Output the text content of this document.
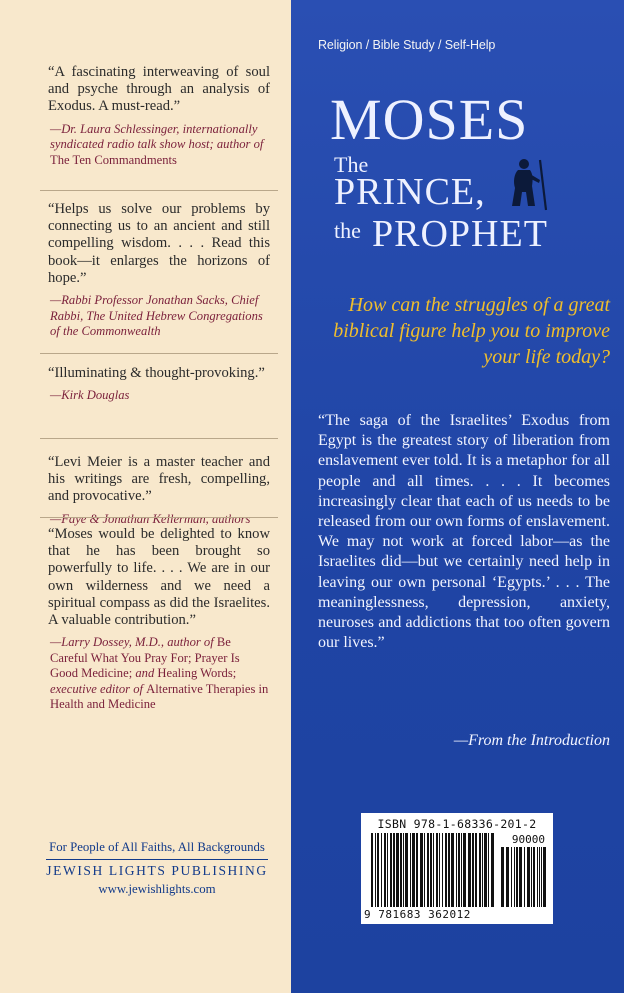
“A fascinating interweaving of soul and psyche through an analysis of Exodus. A must-read.”

—Dr. Laura Schlessinger, internationally syndicated radio talk show host; author of The Ten Commandments

“Helps us solve our problems by connecting us to an ancient and still compelling wisdom. . . . Read this book—it enlarges the horizons of hope.”

—Rabbi Professor Jonathan Sacks, Chief Rabbi, The United Hebrew Congregations of the Commonwealth

“Illuminating & thought-provoking.”

—Kirk Douglas

“Levi Meier is a master teacher and his writings are fresh, compelling, and provocative.”

—Faye & Jonathan Kellerman, authors

“Moses would be delighted to know that he has been brought so powerfully to life. . . . We are in our own wilderness and we need a spiritual compass as did the Israelites. A valuable contribution.”

—Larry Dossey, M.D., author of Be Careful What You Pray For; Prayer Is Good Medicine; and Healing Words; executive editor of Alternative Therapies in Health and Medicine

For People of All Faiths, All Backgrounds
JEWISH LIGHTS PUBLISHING
www.jewishlights.com
Religion / Bible Study / Self-Help
MOSES
The
PRINCE,
the PROPHET

How can the struggles of a great biblical figure help you to improve your life today?

“The saga of the Israelites’ Exodus from Egypt is the greatest story of liberation from enslavement ever told. It is a metaphor for all people and all times. . . . It becomes increasingly clear that each of us needs to be released from our own forms of enslavement. We may not work at forced labor—as the Israelites did—but we certainly need help in leaving our own personal ‘Egypts.’ . . . The meaninglessness, depression, anxiety, neuroses and addictions that too often govern our lives.”

—From the Introduction
ISBN 978-1-68336-201-2
90000
9 781683 362012
